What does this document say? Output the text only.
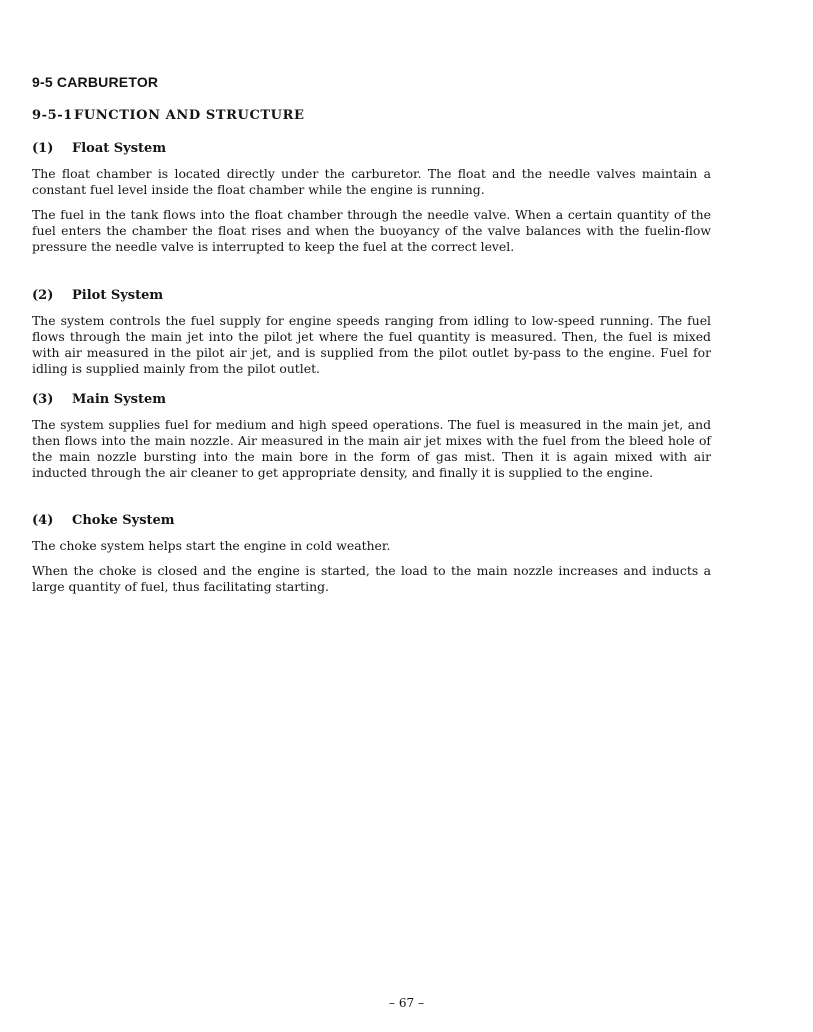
9-5 CARBURETOR
9-5-1FUNCTION AND STRUCTURE
(1) Float System

The float chamber is located directly under the carburetor. The float and the needle valves maintain a constant fuel level inside the float chamber while the engine is running.

The fuel in the tank flows into the float chamber through the needle valve. When a certain quantity of the fuel enters the chamber the float rises and when the buoyancy of the valve balances with the fuelin-flow pressure the needle valve is interrupted to keep the fuel at the correct level.

(2) Pilot System

The system controls the fuel supply for engine speeds ranging from idling to low-speed running. The fuel flows through the main jet into the pilot jet where the fuel quantity is measured. Then, the fuel is mixed with air measured in the pilot air jet, and is supplied from the pilot outlet by-pass to the engine. Fuel for idling is supplied mainly from the pilot outlet.

(3) Main System

The system supplies fuel for medium and high speed operations. The fuel is measured in the main jet, and then flows into the main nozzle. Air measured in the main air jet mixes with the fuel from the bleed hole of the main nozzle bursting into the main bore in the form of gas mist. Then it is again mixed with air inducted through the air cleaner to get appropriate density, and finally it is supplied to the engine.

(4) Choke System

The choke system helps start the engine in cold weather.

When the choke is closed and the engine is started, the load to the main nozzle increases and inducts a large quantity of fuel, thus facilitating starting.

– 67 –
